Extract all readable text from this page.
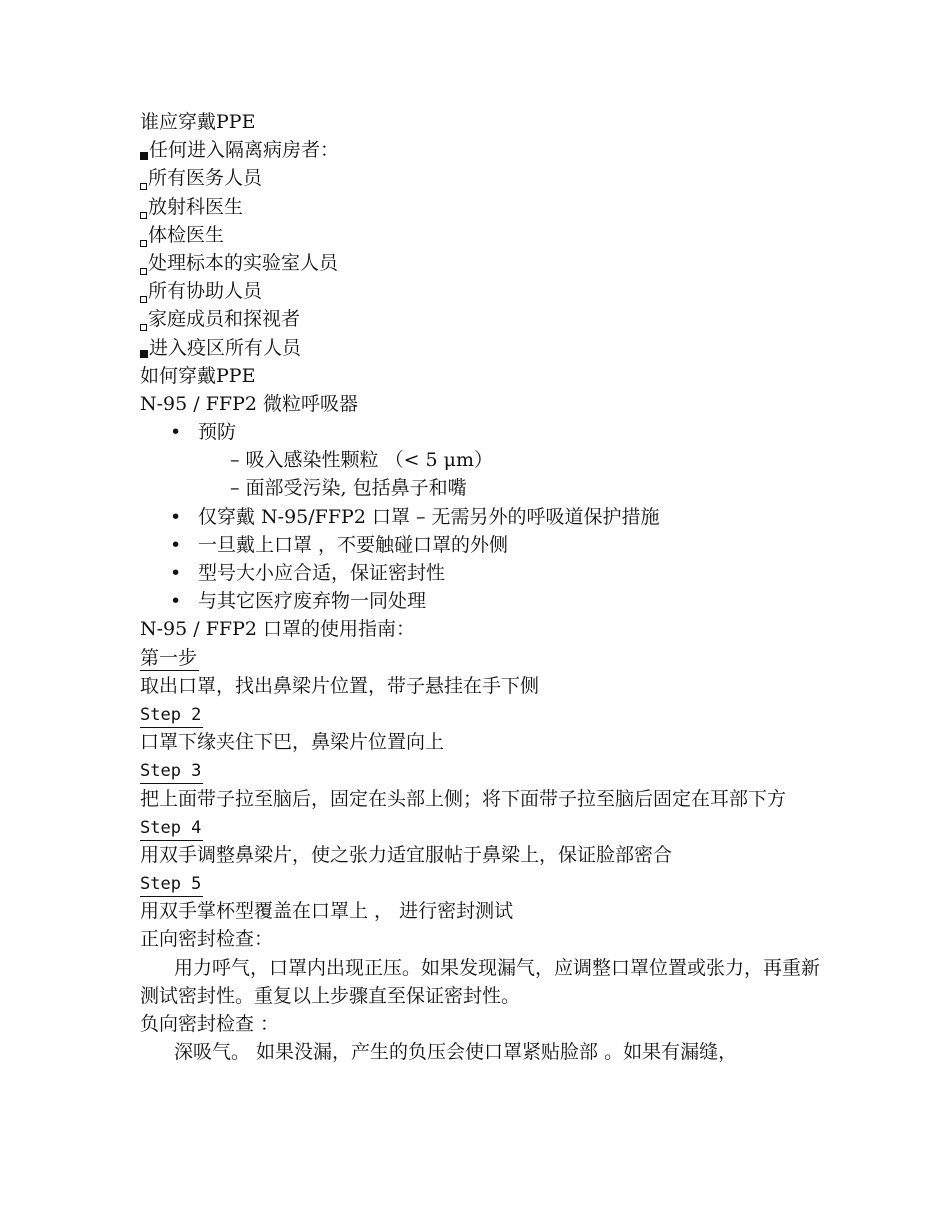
谁应穿戴PPE
任何进入隔离病房者：
所有医务人员
放射科医生
体检医生
处理标本的实验室人员
所有协助人员
家庭成员和探视者
进入疫区所有人员
如何穿戴PPE
N-95 / FFP2 微粒呼吸器
• 预防
– 吸入感染性颗粒 （< 5 μm）
– 面部受污染, 包括鼻子和嘴
• 仅穿戴 N-95/FFP2 口罩 – 无需另外的呼吸道保护措施
• 一旦戴上口罩 ，不要触碰口罩的外侧
• 型号大小应合适，保证密封性
• 与其它医疗废弃物一同处理
N-95 / FFP2 口罩的使用指南：
第一步
取出口罩，找出鼻梁片位置，带子悬挂在手下侧
Step 2
口罩下缘夹住下巴，鼻梁片位置向上
Step 3
把上面带子拉至脑后，固定在头部上侧；将下面带子拉至脑后固定在耳部下方
Step 4
用双手调整鼻梁片，使之张力适宜服帖于鼻梁上，保证脸部密合
Step 5
用双手掌杯型覆盖在口罩上 ， 进行密封测试
正向密封检查：
用力呼气，口罩内出现正压。如果发现漏气，应调整口罩位置或张力，再重新测试密封性。重复以上步骤直至保证密封性。
负向密封检查 ：
深吸气。 如果没漏，产生的负压会使口罩紧贴脸部 。如果有漏缝，
